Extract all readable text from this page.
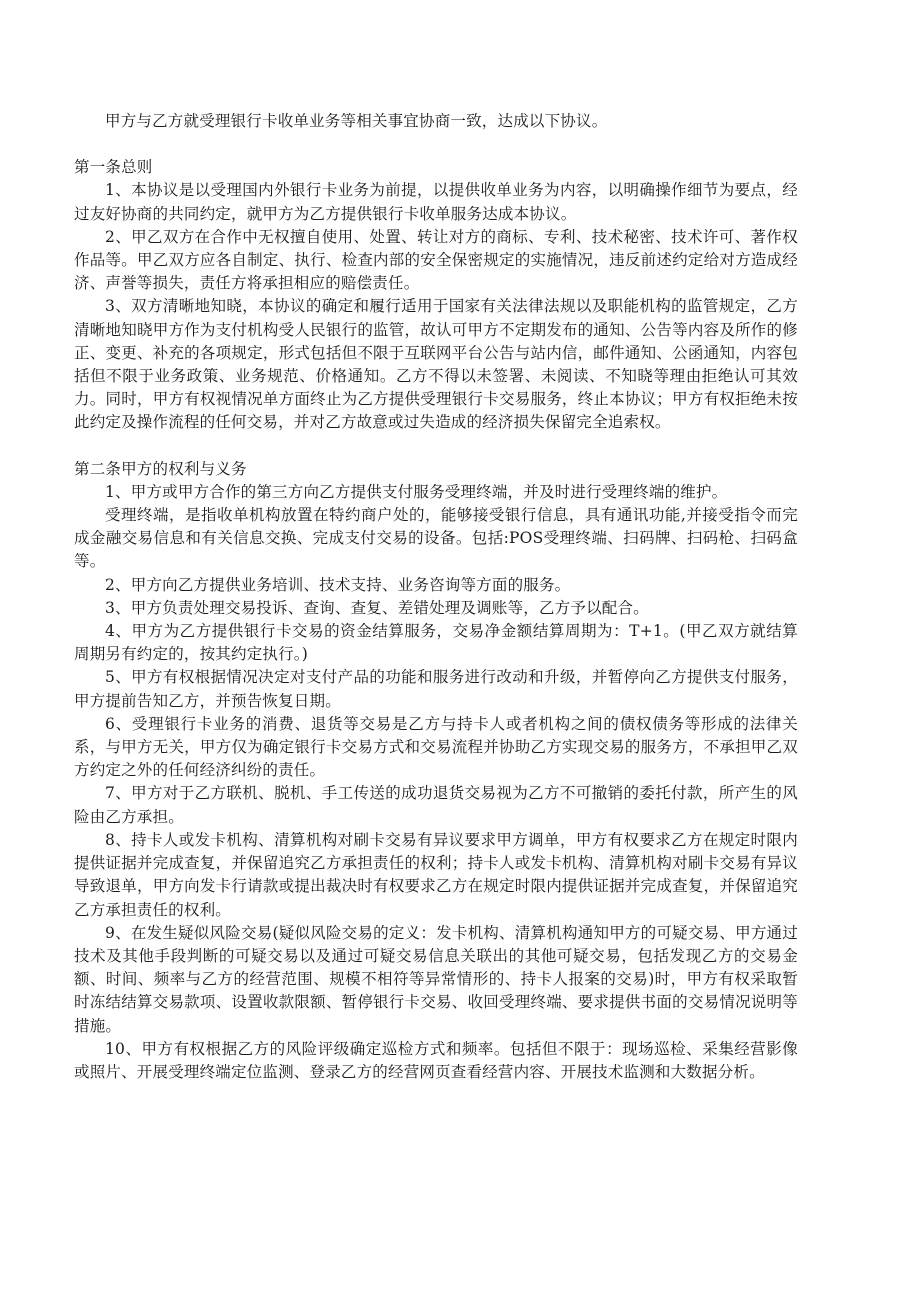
甲方与乙方就受理银行卡收单业务等相关事宜协商一致，达成以下协议。

第一条总则

1、本协议是以受理国内外银行卡业务为前提，以提供收单业务为内容，以明确操作细节为要点，经过友好协商的共同约定，就甲方为乙方提供银行卡收单服务达成本协议。

2、甲乙双方在合作中无权擅自使用、处置、转让对方的商标、专利、技术秘密、技术许可、著作权作品等。甲乙双方应各自制定、执行、检查内部的安全保密规定的实施情况，违反前述约定给对方造成经济、声誉等损失，责任方将承担相应的赔偿责任。

3、双方清晰地知晓，本协议的确定和履行适用于国家有关法律法规以及职能机构的监管规定，乙方清晰地知晓甲方作为支付机构受人民银行的监管，故认可甲方不定期发布的通知、公告等内容及所作的修正、变更、补充的各项规定，形式包括但不限于互联网平台公告与站内信，邮件通知、公函通知，内容包括但不限于业务政策、业务规范、价格通知。乙方不得以未签署、未阅读、不知晓等理由拒绝认可其效力。同时，甲方有权视情况单方面终止为乙方提供受理银行卡交易服务，终止本协议；甲方有权拒绝未按此约定及操作流程的任何交易，并对乙方故意或过失造成的经济损失保留完全追索权。

第二条甲方的权利与义务

1、甲方或甲方合作的第三方向乙方提供支付服务受理终端，并及时进行受理终端的维护。

受理终端，是指收单机构放置在特约商户处的，能够接受银行信息，具有通讯功能,并接受指令而完成金融交易信息和有关信息交换、完成支付交易的设备。包括:POS受理终端、扫码牌、扫码枪、扫码盒等。

2、甲方向乙方提供业务培训、技术支持、业务咨询等方面的服务。

3、甲方负责处理交易投诉、查询、查复、差错处理及调账等，乙方予以配合。

4、甲方为乙方提供银行卡交易的资金结算服务，交易净金额结算周期为：T+1。(甲乙双方就结算周期另有约定的，按其约定执行。)

5、甲方有权根据情况决定对支付产品的功能和服务进行改动和升级，并暂停向乙方提供支付服务，甲方提前告知乙方，并预告恢复日期。

6、受理银行卡业务的消费、退货等交易是乙方与持卡人或者机构之间的债权债务等形成的法律关系，与甲方无关，甲方仅为确定银行卡交易方式和交易流程并协助乙方实现交易的服务方，不承担甲乙双方约定之外的任何经济纠纷的责任。

7、甲方对于乙方联机、脱机、手工传送的成功退货交易视为乙方不可撤销的委托付款，所产生的风险由乙方承担。

8、持卡人或发卡机构、清算机构对刷卡交易有异议要求甲方调单，甲方有权要求乙方在规定时限内提供证据并完成查复，并保留追究乙方承担责任的权利；持卡人或发卡机构、清算机构对刷卡交易有异议导致退单，甲方向发卡行请款或提出裁决时有权要求乙方在规定时限内提供证据并完成查复，并保留追究乙方承担责任的权利。

9、在发生疑似风险交易(疑似风险交易的定义：发卡机构、清算机构通知甲方的可疑交易、甲方通过技术及其他手段判断的可疑交易以及通过可疑交易信息关联出的其他可疑交易，包括发现乙方的交易金额、时间、频率与乙方的经营范围、规模不相符等异常情形的、持卡人报案的交易)时，甲方有权采取暂时冻结结算交易款项、设置收款限额、暂停银行卡交易、收回受理终端、要求提供书面的交易情况说明等措施。

10、甲方有权根据乙方的风险评级确定巡检方式和频率。包括但不限于：现场巡检、采集经营影像或照片、开展受理终端定位监测、登录乙方的经营网页查看经营内容、开展技术监测和大数据分析。
